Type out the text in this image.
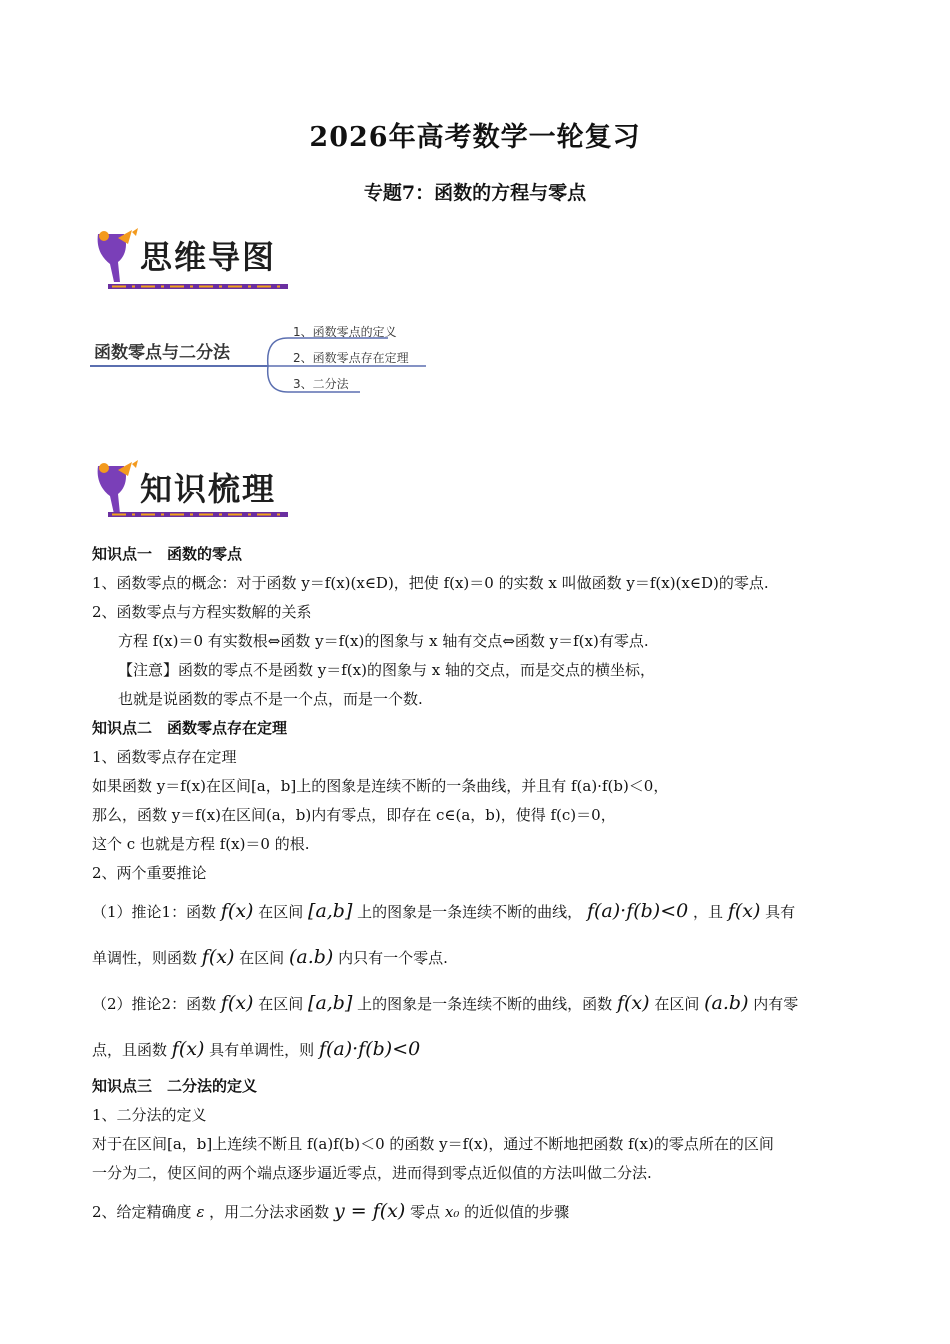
2026年高考数学一轮复习
专题7：函数的方程与零点
思维导图
函数零点与二分法
1、函数零点的定义
2、函数零点存在定理
3、二分法
知识梳理
知识点一　函数的零点
1、函数零点的概念：对于函数 y＝f(x)(x∈D)，把使 f(x)＝0 的实数 x 叫做函数 y＝f(x)(x∈D)的零点.
2、函数零点与方程实数解的关系
方程 f(x)＝0 有实数根⇔函数 y＝f(x)的图象与 x 轴有交点⇔函数 y＝f(x)有零点.
【注意】函数的零点不是函数 y＝f(x)的图象与 x 轴的交点，而是交点的横坐标，
也就是说函数的零点不是一个点，而是一个数.
知识点二　函数零点存在定理
1、函数零点存在定理
如果函数 y＝f(x)在区间[a，b]上的图象是连续不断的一条曲线，并且有 f(a)·f(b)＜0，
那么，函数 y＝f(x)在区间(a，b)内有零点，即存在 c∈(a，b)，使得 f(c)＝0，
这个 c 也就是方程 f(x)＝0 的根.
2、两个重要推论
（1）推论1：函数 f(x) 在区间 [a,b] 上的图象是一条连续不断的曲线， f(a)·f(b)<0 ，且 f(x) 具有
单调性，则函数 f(x) 在区间 (a.b) 内只有一个零点.
（2）推论2：函数 f(x) 在区间 [a,b] 上的图象是一条连续不断的曲线，函数 f(x) 在区间 (a.b) 内有零
点，且函数 f(x) 具有单调性，则 f(a)·f(b)<0
知识点三　二分法的定义
1、二分法的定义
对于在区间[a，b]上连续不断且 f(a)f(b)＜0 的函数 y＝f(x)，通过不断地把函数 f(x)的零点所在的区间
一分为二，使区间的两个端点逐步逼近零点，进而得到零点近似值的方法叫做二分法.
2、给定精确度 ε ，用二分法求函数 y = f(x) 零点 x₀ 的近似值的步骤
